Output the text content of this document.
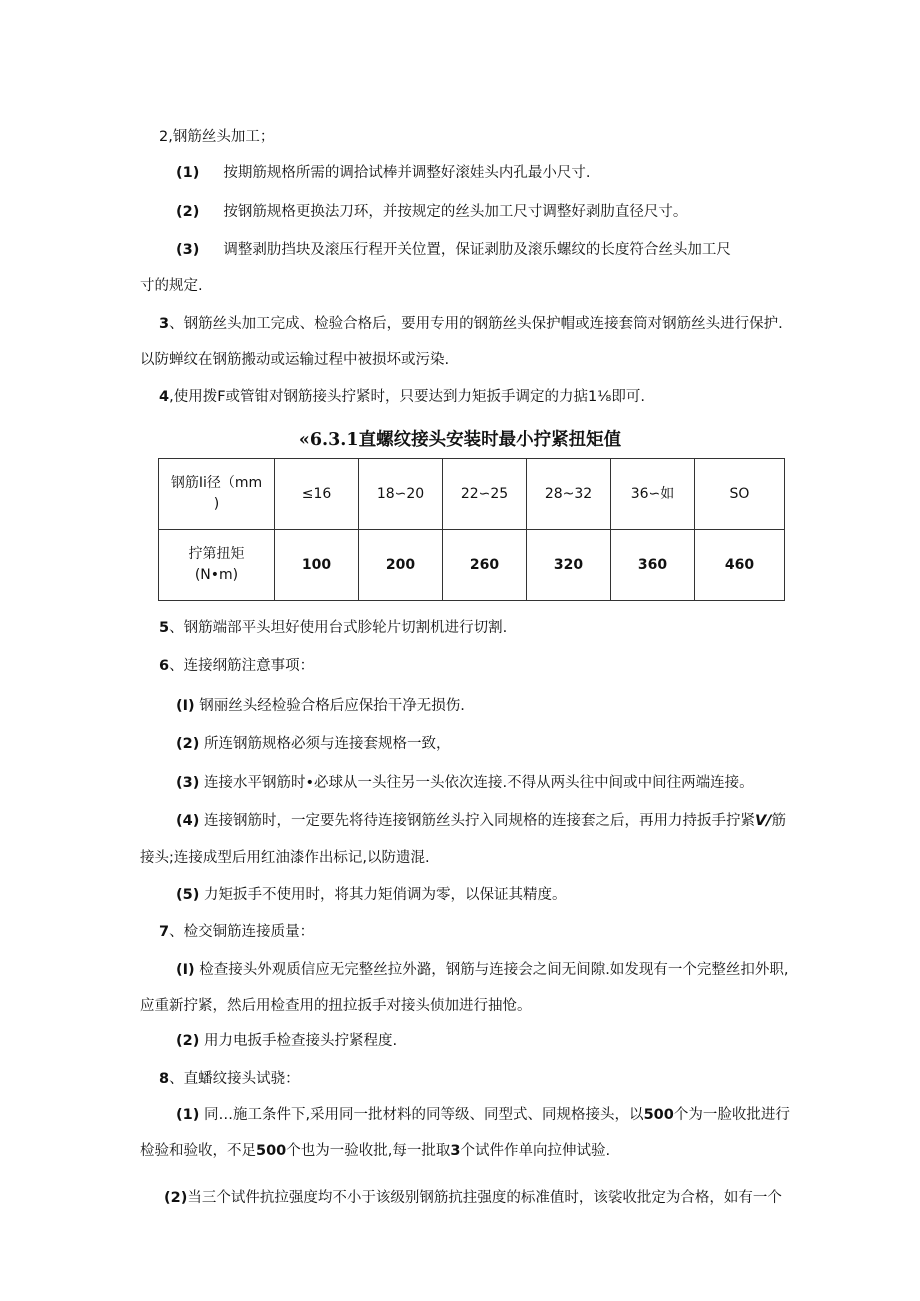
2,钢筋丝头加工；
(1) 按期筋规格所需的调拾试棒并调整好滚娃头内孔最小尺寸.
(2) 按钢筋规格更换法刀环，并按规定的丝头加工尺寸调整好剥肋直径尺寸。
(3) 调整剥肋挡块及滚压行程开关位置，保证剥肋及滚乐螺纹的长度符合丝头加工尺
寸的规定.
3、钢筋丝头加工完成、检验合格后，要用专用的钢筋丝头保护帽或连接套筒对钢筋丝头进行保护.
以防蝉纹在钢筋搬动或运输过程中被损坏或污染.
4,使用拨F或管钳对钢筋接头拧紧时，只要达到力矩扳手调定的力掂1⅛即可.
«6.3.1直螺纹接头安装时最小拧紧扭矩值
钢筋Ii径（mm
)	≤16	18∽20	22∽25	28~32	36∽如	SO

拧第扭矩
(N•m)	100	200	260	320	360	460
5、钢筋端部平头坦好使用台式胗轮片切割机进行切割.
6、连接纲筋注意事项：
(I) 钢丽丝头经检验合格后应保抬干净无损伤.
(2) 所连钢筋规格必须与连接套规格一致，
(3) 连接水平钢筋时•必球从一头往另一头依次连接.不得从两头往中间或中间往两端连接。
(4) 连接钢筋时，一定要先将待连接钢筋丝头拧入同规格的连接套之后，再用力持扳手拧紧V/筋
接头;连接成型后用红油漆作出标记,以防遗混.
(5) 力矩扳手不使用时，将其力矩俏调为零，以保证其精度。
7、检交铜筋连接质量：
(I) 检查接头外观质信应无完整丝拉外潞，钢筋与连接会之间无间隙.如发现有一个完整丝扣外职,
应重新拧紧，然后用检查用的扭拉扳手对接头侦加进行抽怆。
(2) 用力电扳手检查接头拧紧程度.
8、直蟠纹接头试骁：
(1) 同…施工条件下,采用同一批材料的同等级、同型式、同规格接头，以500个为一脸收批进行
检验和验收，不足500个也为一验收批,每一批取3个试件作单向拉伸试验.
(2)当三个试件抗拉强度均不小于该级别钢筋抗拄强度的标准值时，该裟收批定为合格，如有一个
